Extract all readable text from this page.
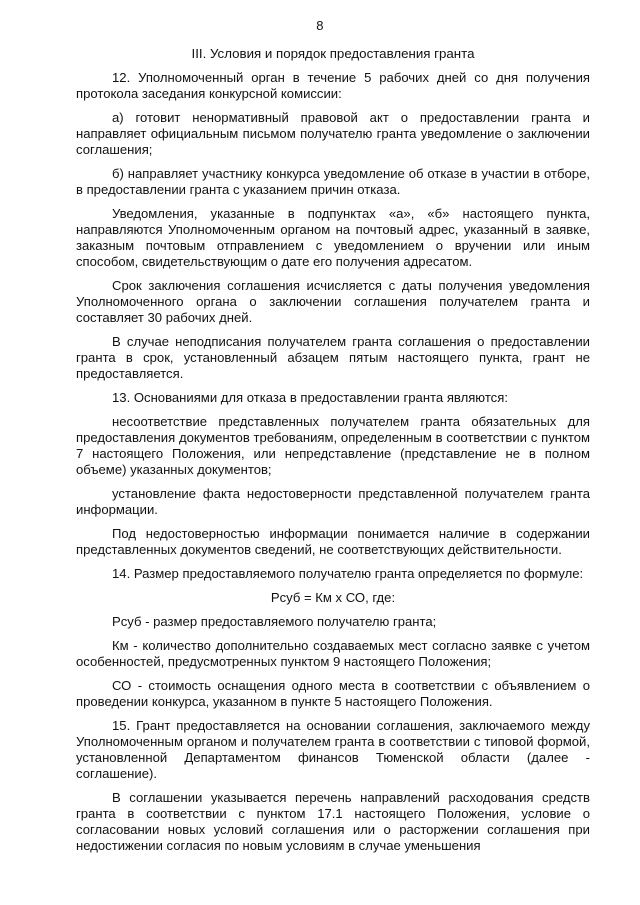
8
III. Условия и порядок предоставления гранта
12. Уполномоченный орган в течение 5 рабочих дней со дня получения протокола заседания конкурсной комиссии:
а) готовит ненормативный правовой акт о предоставлении гранта и направляет официальным письмом получателю гранта уведомление о заключении соглашения;
б) направляет участнику конкурса уведомление об отказе в участии в отборе, в предоставлении гранта с указанием причин отказа.
Уведомления, указанные в подпунктах «а», «б» настоящего пункта, направляются Уполномоченным органом на почтовый адрес, указанный в заявке, заказным почтовым отправлением с уведомлением о вручении или иным способом, свидетельствующим о дате его получения адресатом.
Срок заключения соглашения исчисляется с даты получения уведомления Уполномоченного органа о заключении соглашения получателем гранта и составляет 30 рабочих дней.
В случае неподписания получателем гранта соглашения о предоставлении гранта в срок, установленный абзацем пятым настоящего пункта, грант не предоставляется.
13. Основаниями для отказа в предоставлении гранта являются:
несоответствие представленных получателем гранта обязательных для предоставления документов требованиям, определенным в соответствии с пунктом 7 настоящего Положения, или непредставление (представление не в полном объеме) указанных документов;
установление факта недостоверности представленной получателем гранта информации.
Под недостоверностью информации понимается наличие в содержании представленных документов сведений, не соответствующих действительности.
14. Размер предоставляемого получателю гранта определяется по формуле:
Рсуб = Км х СО, где:
Рсуб - размер предоставляемого получателю гранта;
Км - количество дополнительно создаваемых мест согласно заявке с учетом особенностей, предусмотренных пунктом 9 настоящего Положения;
СО - стоимость оснащения одного места в соответствии с объявлением о проведении конкурса, указанном в пункте 5 настоящего Положения.
15. Грант предоставляется на основании соглашения, заключаемого между Уполномоченным органом и получателем гранта в соответствии с типовой формой, установленной Департаментом финансов Тюменской области (далее - соглашение).
В соглашении указывается перечень направлений расходования средств гранта в соответствии с пунктом 17.1 настоящего Положения, условие о согласовании новых условий соглашения или о расторжении соглашения при недостижении согласия по новым условиям в случае уменьшения
